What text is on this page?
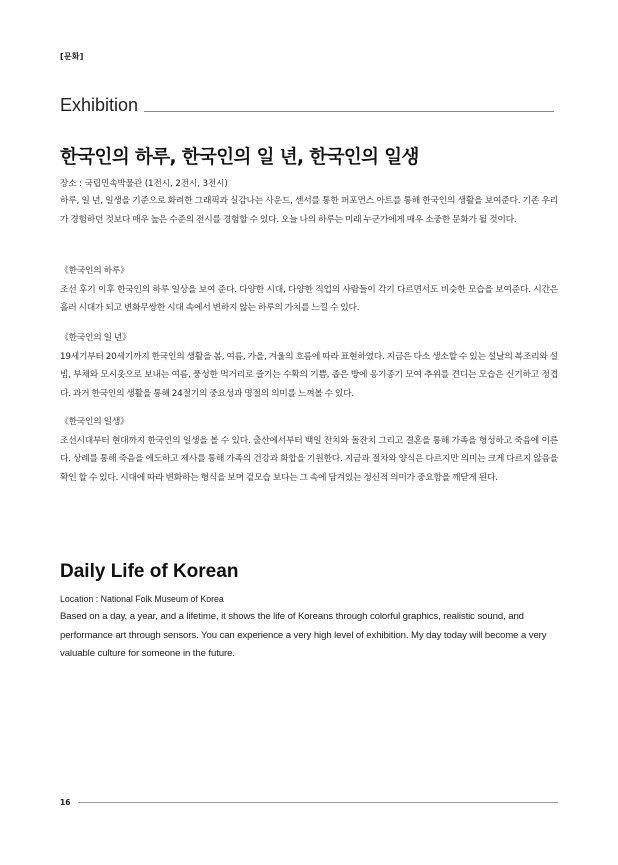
[문화]
Exhibition
한국인의 하루, 한국인의 일 년, 한국인의 일생
장소 : 국립민속박물관 (1전시, 2전시, 3전시)
하루, 일 년, 일생을 기준으로 화려한 그래픽과 실감나는 사운드, 센서를 통한 퍼포먼스 아트를 통해 한국인의 생활을 보여준다. 기존 우리가 경험하던 것보다 매우 높은 수준의 전시를 경험할 수 있다. 오늘 나의 하루는 미래 누군가에게 매우 소중한 문화가 될 것이다.
《한국인의 하루》
조선 후기 이후 한국인의 하루 일상을 보여 준다. 다양한 시대, 다양한 직업의 사람들이 각기 다르면서도 비슷한 모습을 보여준다. 시간은 흘러 시대가 되고 변화무쌍한 시대 속에서 변하지 않는 하루의 가치를 느낄 수 있다.
《한국인의 일 년》
19세기부터 20세기까지 한국인의 생활을 봄, 여름, 가을, 겨울의 흐름에 따라 표현하였다. 지금은 다소 생소할 수 있는 설날의 복조리와 설빔, 부채와 모시옷으로 보내는 여름, 풍성한 먹거리로 즐기는 수확의 기쁨, 좁은 방에 옹기종기 모여 추위를 견디는 모습은 신기하고 정겹다. 과거 한국인의 생활을 통해 24절기의 중요성과 명절의 의미를 느껴볼 수 있다.
《한국인의 일생》
조선시대부터 현대까지 한국인의 일생을 볼 수 있다. 출산에서부터 백일 잔치와 돌잔치 그리고 결혼을 통해 가족을 형성하고 죽음에 이른다. 상례를 통해 죽음을 애도하고 제사를 통해 가족의 건강과 화합을 기원한다. 지금과 절차와 양식은 다르지만 의미는 크게 다르지 않음을 확인 할 수 있다. 시대에 따라 변화하는 형식을 보며 겉모습 보다는 그 속에 담겨있는 정신적 의미가 중요함을 깨닫게 된다.
Daily Life of Korean
Location : National Folk Museum of Korea
Based on a day, a year, and a lifetime, it shows the life of Koreans through colorful graphics, realistic sound, and performance art through sensors. You can experience a very high level of exhibition. My day today will become a very valuable culture for someone in the future.
16
